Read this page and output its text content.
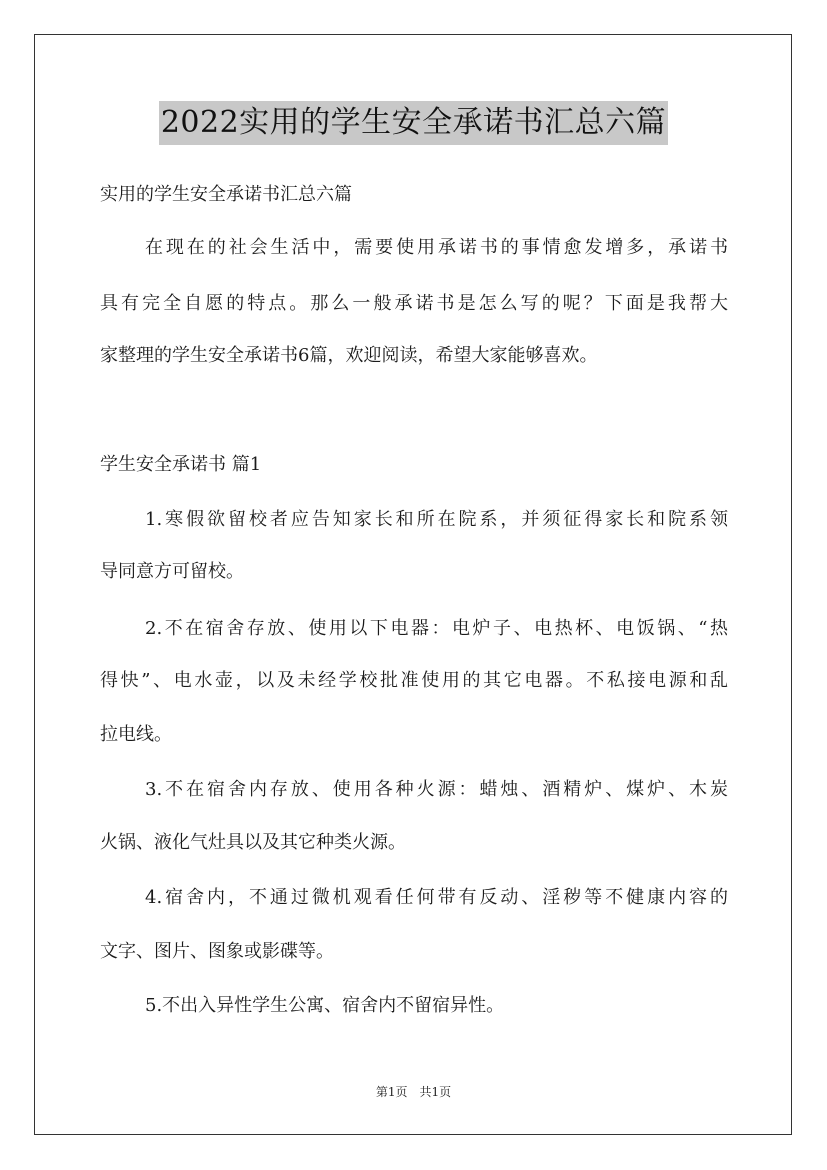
2022实用的学生安全承诺书汇总六篇
实用的学生安全承诺书汇总六篇
在现在的社会生活中，需要使用承诺书的事情愈发增多，承诺书
具有完全自愿的特点。那么一般承诺书是怎么写的呢？下面是我帮大
家整理的学生安全承诺书6篇，欢迎阅读，希望大家能够喜欢。
学生安全承诺书 篇1
1.寒假欲留校者应告知家长和所在院系，并须征得家长和院系领
导同意方可留校。
2.不在宿舍存放、使用以下电器：电炉子、电热杯、电饭锅、“热
得快”、电水壶，以及未经学校批准使用的其它电器。不私接电源和乱
拉电线。
3.不在宿舍内存放、使用各种火源：蜡烛、酒精炉、煤炉、木炭
火锅、液化气灶具以及其它种类火源。
4.宿舍内，不通过微机观看任何带有反动、淫秽等不健康内容的
文字、图片、图象或影碟等。
5.不出入异性学生公寓、宿舍内不留宿异性。
第1页　共1页
